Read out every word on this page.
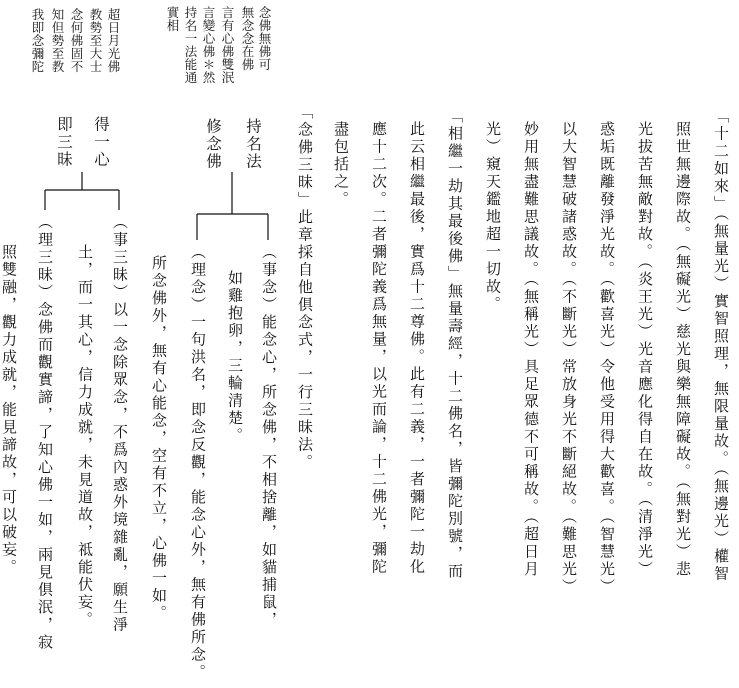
「十二如來」（無量光）實智照理，無限量故。（無邊光）權智
照世無邊際故。（無礙光）慈光與樂無障礙故。（無對光）悲
光拔苦無敵對故。（炎王光）光音應化得自在故。（清淨光）
惑垢既離發淨光故。（歡喜光）令他受用得大歡喜。（智慧光）
以大智慧破諸惑故。（不斷光）常放身光不斷絕故。（難思光）
妙用無盡難思議故。（無稱光）具足眾德不可稱故。（超日月
光）窺天鑑地超一切故。
「相繼一劫其最後佛」無量壽經，十二佛名，皆彌陀別號，而
此云相繼最後，實爲十二尊佛。此有二義，一者彌陀一劫化
應十二次。二者彌陀義爲無量，以光而論，十二佛光，彌陀
盡包括之。
「念佛三昧」此章採自他俱念式，一行三昧法。
念佛無佛可
無念念在佛
言有心佛雙泯
言變心佛＊然
持名一法能通
實相
超日月光佛
教勢至大士
念何佛固不
知但勢至教
我即念彌陀
持名法
修念佛
（事念）能念心，所念佛，不相捨離，如貓捕鼠，
如雞抱卵，三輪清楚。
（理念）一句洪名，即念反觀，能念心外，無有佛所念。
所念佛外，無有心能念，空有不立，心佛一如。
得一心
即三昧
（事三昧）以一念除眾念，不爲內惑外境雜亂，願生淨
土，而一其心，信力成就，未見道故，祗能伏妄。
（理三昧）念佛而觀實諦，了知心佛一如，兩見俱泯，寂
照雙融，觀力成就，能見諦故，可以破妄。
